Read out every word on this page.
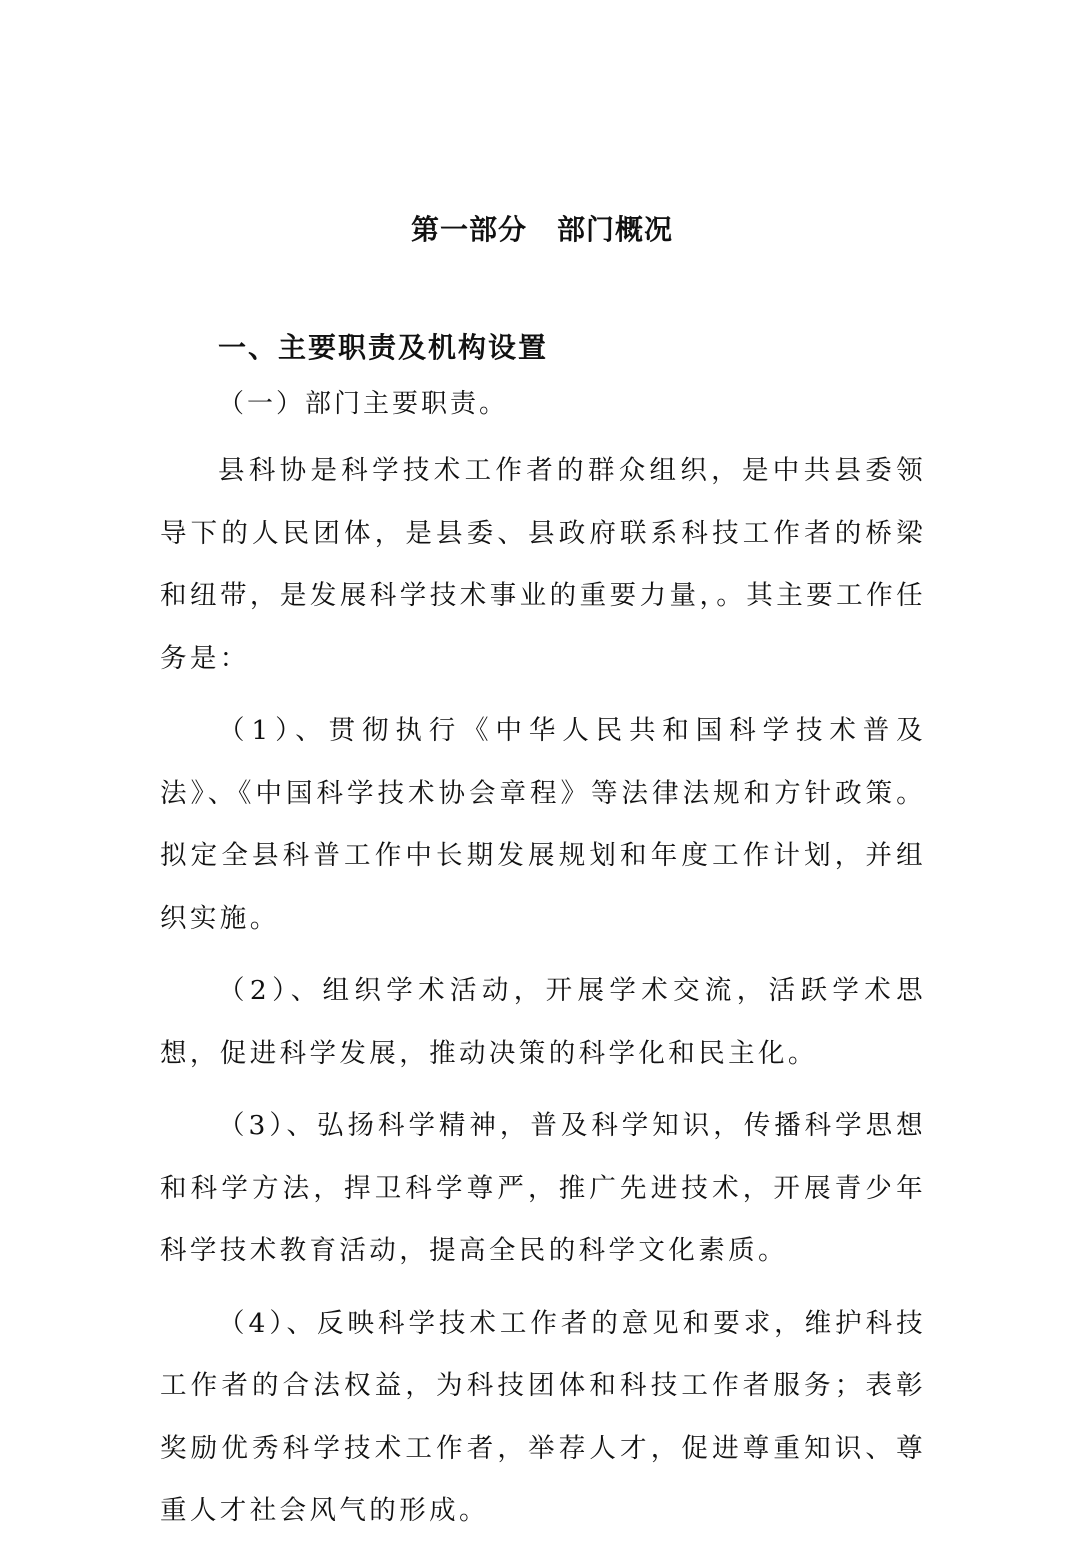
第一部分 部门概况
一、主要职责及机构设置
（一）部门主要职责。

县科协是科学技术工作者的群众组织，是中共县委领导下的人民团体，是县委、县政府联系科技工作者的桥梁和纽带，是发展科学技术事业的重要力量，。其主要工作任务是：

（1）、贯彻执行《中华人民共和国科学技术普及法》、《中国科学技术协会章程》等法律法规和方针政策。拟定全县科普工作中长期发展规划和年度工作计划，并组织实施。

（2）、组织学术活动，开展学术交流，活跃学术思想，促进科学发展，推动决策的科学化和民主化。

（3）、弘扬科学精神，普及科学知识，传播科学思想和科学方法，捍卫科学尊严，推广先进技术，开展青少年科学技术教育活动，提高全民的科学文化素质。

（4）、反映科学技术工作者的意见和要求，维护科技工作者的合法权益，为科技团体和科技工作者服务；表彰奖励优秀科学技术工作者，举荐人才，促进尊重知识、尊重人才社会风气的形成。
